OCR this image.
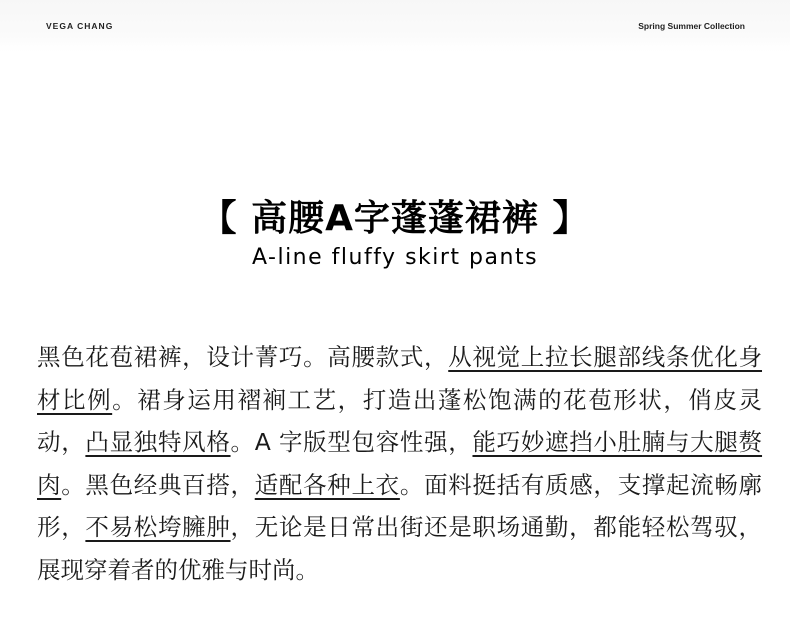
VEGA CHANG	Spring Summer Collection
【 高腰A字蓬蓬裙裤 】
A-line fluffy skirt pants
黑色花苞裙裤，设计菁巧。高腰款式，从视觉上拉长腿部线条优化身材比例。裙身运用褶裥工艺，打造出蓬松饱满的花苞形状，俏皮灵动，凸显独特风格。A 字版型包容性强，能巧妙遮挡小肚腩与大腿赘肉。黑色经典百搭，适配各种上衣。面料挺括有质感，支撑起流畅廓形，不易松垮臃肿，无论是日常出街还是职场通勤，都能轻松驾驭，展现穿着者的优雅与时尚。
